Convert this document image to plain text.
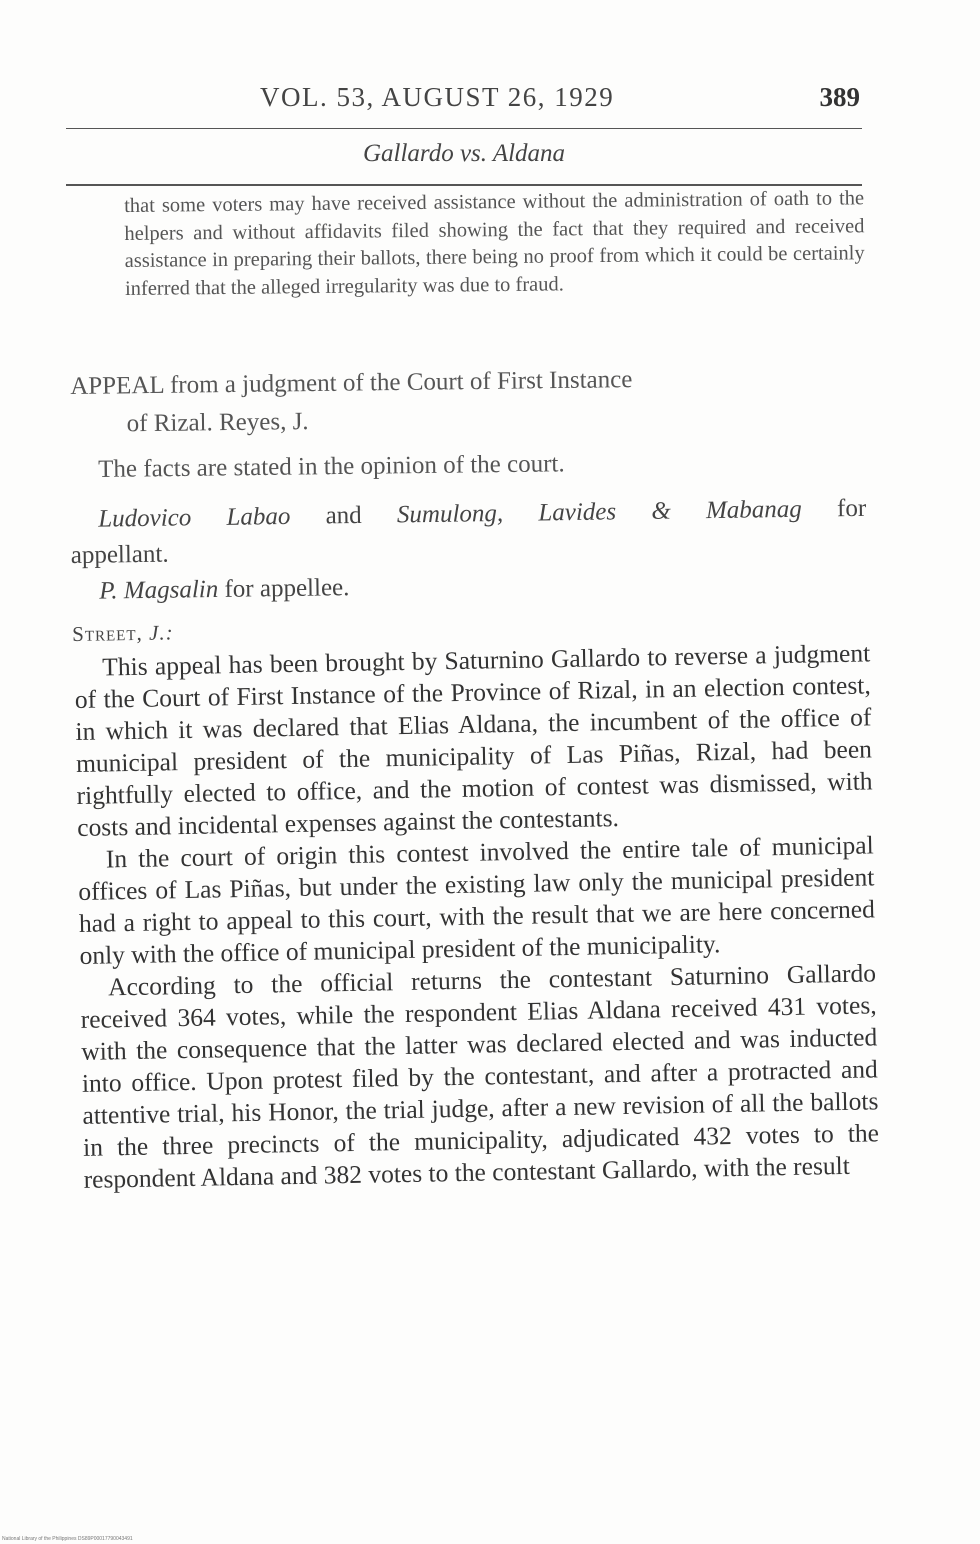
VOL. 53, AUGUST 26, 1929	389
Gallardo vs. Aldana
that some voters may have received assistance without the administration of oath to the helpers and without affidavits filed showing the fact that they required and received assistance in preparing their ballots, there being no proof from which it could be certainly inferred that the alleged irregularity was due to fraud.
APPEAL from a judgment of the Court of First Instance
of Rizal. Reyes, J.
The facts are stated in the opinion of the court.
Ludovico Labao and Sumulong, Lavides & Mabanag for
appellant.
P. Magsalin for appellee.
Street, J.:

This appeal has been brought by Saturnino Gallardo to reverse a judgment of the Court of First Instance of the Province of Rizal, in an election contest, in which it was declared that Elias Aldana, the incumbent of the office of municipal president of the municipality of Las Piñas, Rizal, had been rightfully elected to office, and the motion of contest was dismissed, with costs and incidental expenses against the contestants.

In the court of origin this contest involved the entire tale of municipal offices of Las Piñas, but under the existing law only the municipal president had a right to appeal to this court, with the result that we are here concerned only with the office of municipal president of the municipality.

According to the official returns the contestant Saturnino Gallardo received 364 votes, while the respondent Elias Aldana received 431 votes, with the consequence that the latter was declared elected and was inducted into office. Upon protest filed by the contestant, and after a protracted and attentive trial, his Honor, the trial judge, after a new revision of all the ballots in the three precincts of the municipality, adjudicated 432 votes to the respondent Aldana and 382 votes to the contestant Gallardo, with the result

National Library of the Philippines DS89P00017790043491
